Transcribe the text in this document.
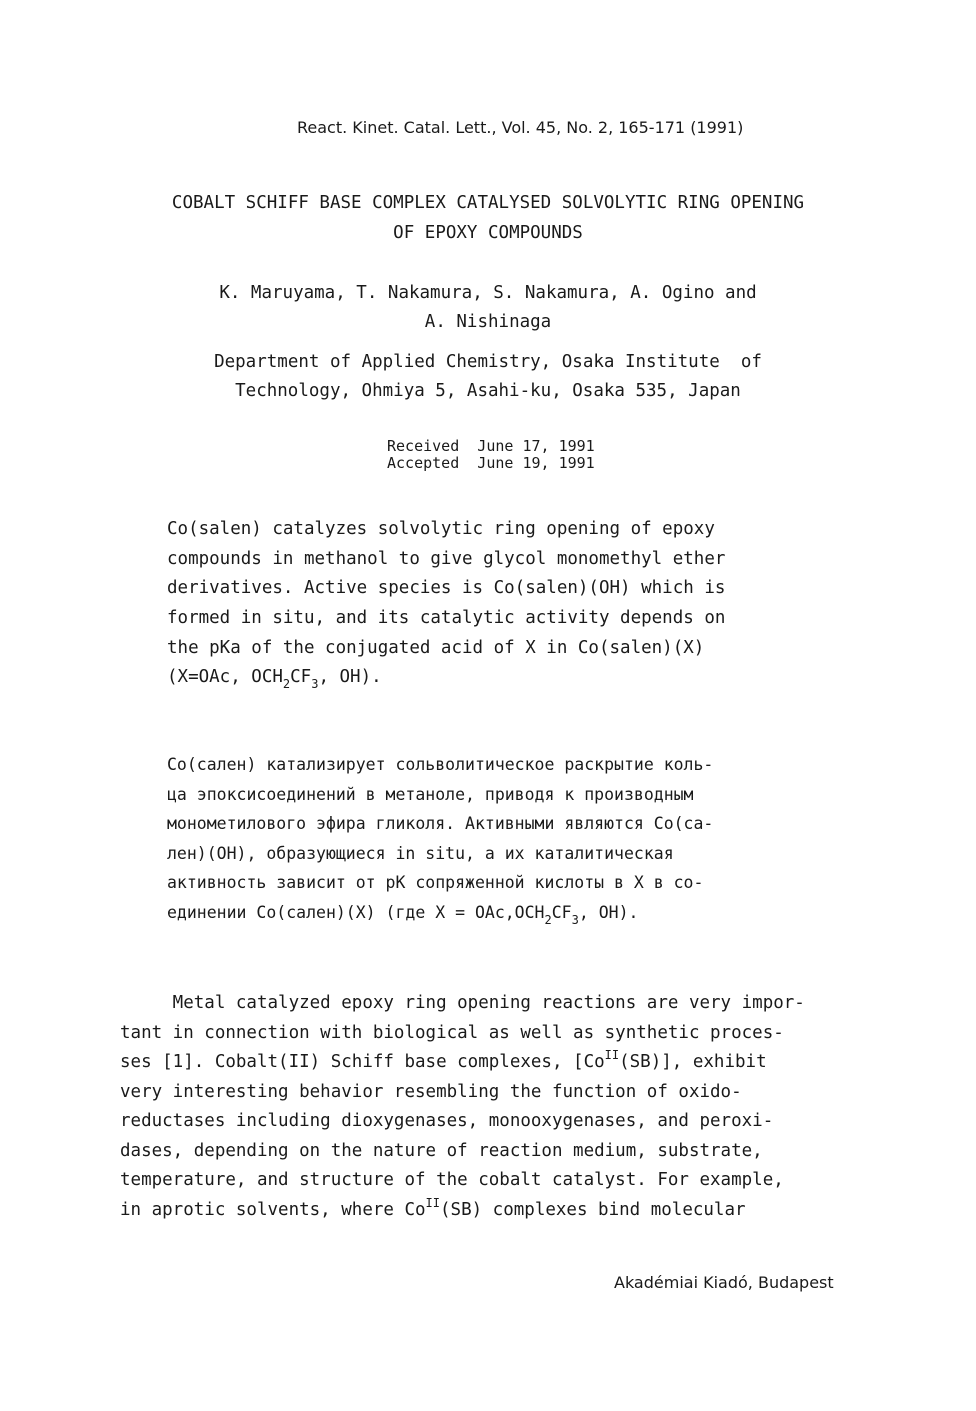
React. Kinet. Catal. Lett., Vol. 45, No. 2, 165-171 (1991)
COBALT SCHIFF BASE COMPLEX CATALYSED SOLVOLYTIC RING OPENING
OF EPOXY COMPOUNDS
K. Maruyama, T. Nakamura, S. Nakamura, A. Ogino and
A. Nishinaga
Department of Applied Chemistry, Osaka Institute  of
Technology, Ohmiya 5, Asahi-ku, Osaka 535, Japan
Received  June 17, 1991
Accepted  June 19, 1991
Co(salen) catalyzes solvolytic ring opening of epoxy
compounds in methanol to give glycol monomethyl ether
derivatives. Active species is Co(salen)(OH) which is
formed in situ, and its catalytic activity depends on
the pKa of the conjugated acid of X in Co(salen)(X)
(X=OAc, $OCH_2CF_3$, OH).
Co(сален) катализирует сольволитическое раскрытие коль-
ца эпоксисоединений в метаноле, приводя к производным
монометилового эфира гликоля. Активными являются Co(са-
лен)(OH), образующиеся in situ, а их каталитическая
активность зависит от pK сопряженной кислоты в X в со-
единении Co(сален)(X) (где $X = OAc,OCH_2CF_3$, OH).
Metal catalyzed epoxy ring opening reactions are very impor-
tant in connection with biological as well as synthetic proces-
ses [1]. Cobalt(II) Schiff base complexes, $[Co^{II}(SB)]$, exhibit
very interesting behavior resembling the function of oxido-
reductases including dioxygenases, monooxygenases, and peroxi-
dases, depending on the nature of reaction medium, substrate,
temperature, and structure of the cobalt catalyst. For example,
in aprotic solvents, where $Co^{II}(SB)$ complexes bind molecular
Akadémiai Kiadó, Budapest
